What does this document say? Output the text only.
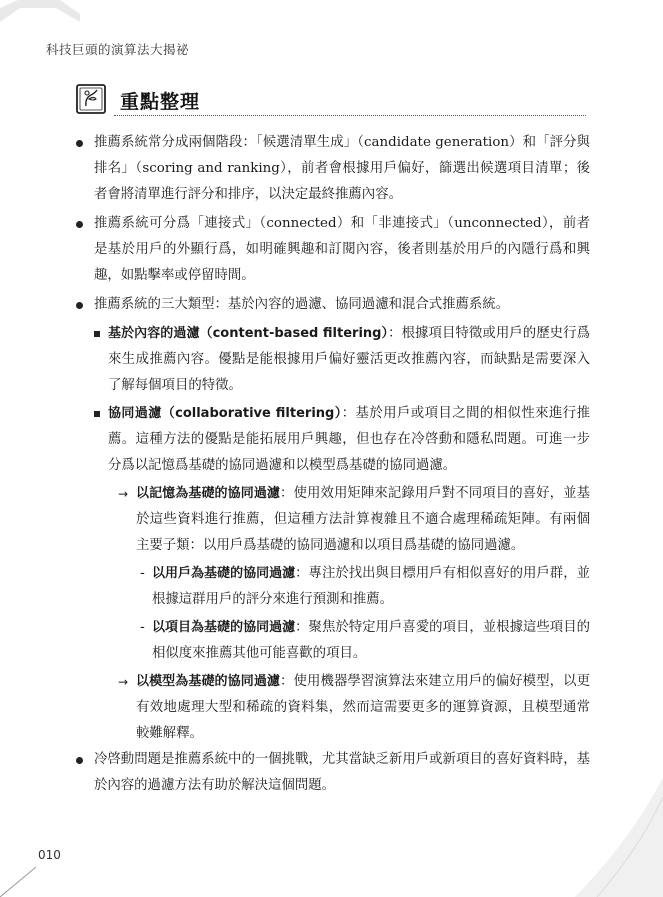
科技巨頭的演算法大揭祕
重點整理
推薦系統常分成兩個階段：「候選清單生成」（candidate generation）和「評分與排名」（scoring and ranking），前者會根據用戶偏好，篩選出候選項目清單；後者會將清單進行評分和排序，以決定最終推薦內容。
推薦系統可分爲「連接式」（connected）和「非連接式」（unconnected），前者是基於用戶的外顯行爲，如明確興趣和訂閱內容，後者則基於用戶的內隱行爲和興趣，如點擊率或停留時間。
推薦系統的三大類型：基於內容的過濾、協同過濾和混合式推薦系統。
基於內容的過濾（content-based filtering）：根據項目特徵或用戶的歷史行爲來生成推薦內容。優點是能根據用戶偏好靈活更改推薦內容，而缺點是需要深入了解每個項目的特徵。
協同過濾（collaborative filtering）：基於用戶或項目之間的相似性來進行推薦。這種方法的優點是能拓展用戶興趣，但也存在冷啓動和隱私問題。可進一步分爲以記憶爲基礎的協同過濾和以模型爲基礎的協同過濾。
→ 以記憶為基礎的協同過濾：使用效用矩陣來記錄用戶對不同項目的喜好，並基於這些資料進行推薦，但這種方法計算複雜且不適合處理稀疏矩陣。有兩個主要子類：以用戶爲基礎的協同過濾和以項目爲基礎的協同過濾。
- 以用戶為基礎的協同過濾：專注於找出與目標用戶有相似喜好的用戶群，並根據這群用戶的評分來進行預測和推薦。
- 以項目為基礎的協同過濾：聚焦於特定用戶喜愛的項目，並根據這些項目的相似度來推薦其他可能喜歡的項目。
→ 以模型為基礎的協同過濾：使用機器學習演算法來建立用戶的偏好模型，以更有效地處理大型和稀疏的資料集，然而這需要更多的運算資源，且模型通常較難解釋。
冷啓動問題是推薦系統中的一個挑戰，尤其當缺乏新用戶或新項目的喜好資料時，基於內容的過濾方法有助於解決這個問題。
010
